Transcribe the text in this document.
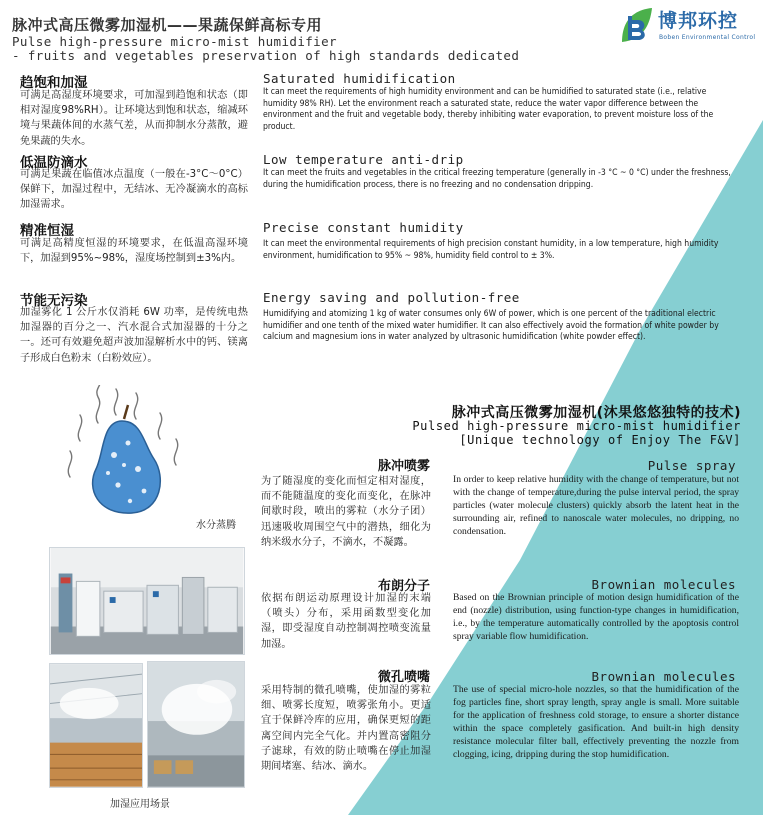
脉冲式高压微雾加湿机——果蔬保鲜高标专用
Pulse high-pressure micro-mist humidifier
- fruits and vegetables preservation of high standards dedicated
博邦环控
Boben Environmental Control
趋饱和加湿
可满足高湿度环境要求，可加湿到趋饱和状态（即相对湿度98%RH）。让环境达到饱和状态，缩减环境与果蔬体间的水蒸气差，从而抑制水分蒸散，避免果蔬的失水。
Saturated humidification
It can meet the requirements of high humidity environment and can be humidified to saturated state (i.e., relative humidity 98% RH). Let the environment reach a saturated state, reduce the water vapor difference between the environment and the fruit and vegetable body, thereby inhibiting water evaporation, to prevent moisture loss of the product.
低温防滴水
可满足果蔬在临值冰点温度（一般在-3°C～0°C）保鲜下，加湿过程中，无结冰、无冷凝滴水的高标加湿需求。
Low temperature anti-drip
It can meet the fruits and vegetables in the critical freezing temperature (generally in -3 °C ~ 0 °C) under the freshness, during the humidification process, there is no freezing and no condensation dripping.
精准恒湿
可满足高精度恒湿的环境要求，在低温高湿环境下，加湿到95%~98%，湿度场控制到±3%内。
Precise constant humidity
It can meet the environmental requirements of high precision constant humidity, in a low temperature, high humidity environment, humidification to 95% ~ 98%, humidity field control to ± 3%.
节能无污染
加湿雾化 1 公斤水仅消耗 6W 功率，是传统电热加湿器的百分之一、汽水混合式加湿器的十分之一。还可有效避免超声波加湿解析水中的钙、镁离子形成白色粉末（白粉效应）。
Energy saving and pollution-free
Humidifying and atomizing 1 kg of water consumes only 6W of power, which is one percent of the traditional electric humidifier and one tenth of the mixed water humidifier. It can also effectively avoid the formation of white powder by calcium and magnesium ions in water analyzed by ultrasonic humidification (white powder effect).
脉冲式高压微雾加湿机(沐果悠悠独特的技术)
Pulsed high-pressure micro-mist humidifier
[Unique technology of Enjoy The F&V]
水分蒸腾
加湿应用场景
脉冲喷雾
为了随湿度的变化而恒定相对湿度，而不能随温度的变化而变化，在脉冲间歇时段，喷出的雾粒（水分子团）迅速吸收周围空气中的潜热，细化为纳米级水分子，不滴水，不凝露。
Pulse spray
In order to keep relative humidity with the change of temperature, but not with the change of temperature,during the pulse interval period, the spray particles (water molecule clusters) quickly absorb the latent heat in the surrounding air, refined to nanoscale water molecules, no dripping, no condensation.
布朗分子
依据布朗运动原理设计加湿的末端（喷头）分布，采用函数型变化加湿，即受湿度自动控制凋控喷变流量加湿。
Brownian molecules
Based on the Brownian principle of motion design humidification of the end (nozzle) distribution, using function-type changes in humidification, i.e., by the temperature automatically controlled by the apoptosis control spray variable flow humidification.
微孔喷嘴
采用特制的微孔喷嘴，使加湿的雾粒细、喷雾长度短，喷雾张角小。更适宜于保鲜冷库的应用，确保更短的距离空间内完全气化。并内置高密阻分子滤球，有效的防止喷嘴在停止加湿期间堵塞、结冰、滴水。
Brownian molecules
The use of special micro-hole nozzles, so that the humidification of the fog particles fine, short spray length, spray angle is small. More suitable for the application of freshness cold storage, to ensure a shorter distance within the space completely gasification. And built-in high density resistance molecular filter ball, effectively preventing the nozzle from clogging, icing, dripping during the stop humidification.
